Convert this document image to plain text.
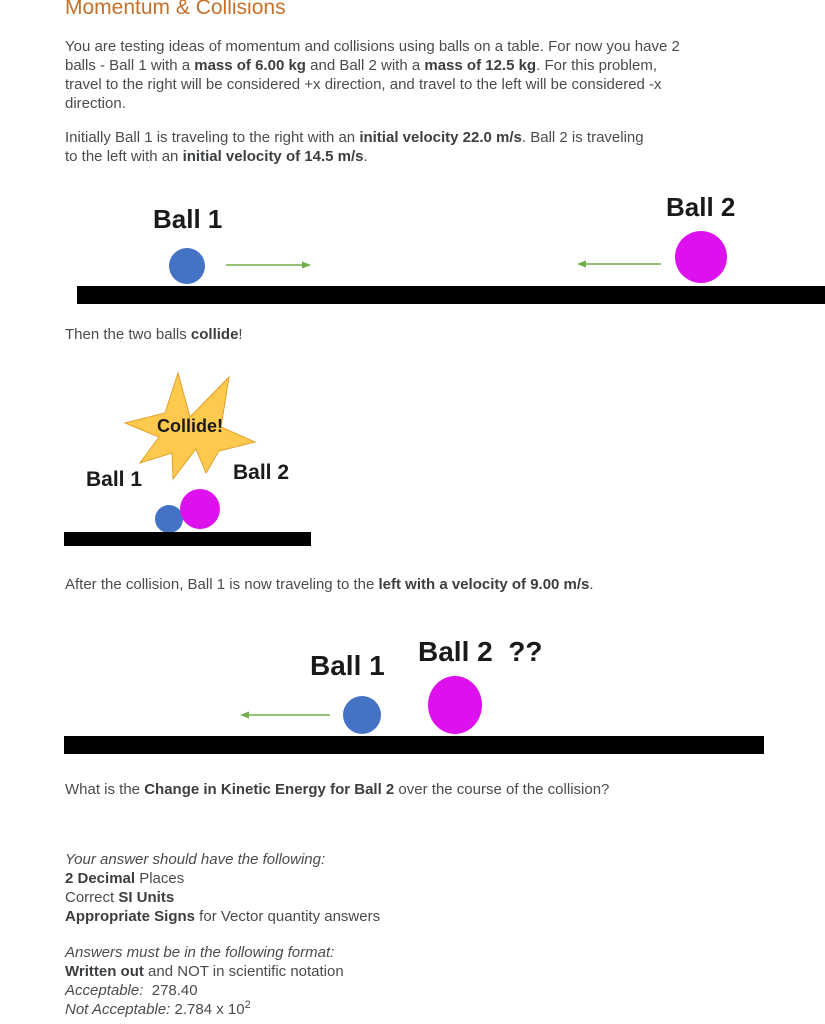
Momentum & Collisions

You are testing ideas of momentum and collisions using balls on a table. For now you have 2 balls - Ball 1 with a mass of 6.00 kg and Ball 2 with a mass of 12.5 kg. For this problem, travel to the right will be considered +x direction, and travel to the left will be considered -x direction.

Initially Ball 1 is traveling to the right with an initial velocity 22.0 m/s. Ball 2 is traveling to the left with an initial velocity of 14.5 m/s.

Ball 1	Ball 2

Then the two balls collide!

Collide!
Ball 1	Ball 2

After the collision, Ball 1 is now traveling to the left with a velocity of 9.00 m/s.

Ball 1 Ball 2  ??

What is the Change in Kinetic Energy for Ball 2 over the course of the collision?

Your answer should have the following:
2 Decimal Places
Correct SI Units
Appropriate Signs for Vector quantity answers

Answers must be in the following format:
Written out and NOT in scientific notation
Acceptable:  278.40
Not Acceptable: 2.784 x $10^2$
